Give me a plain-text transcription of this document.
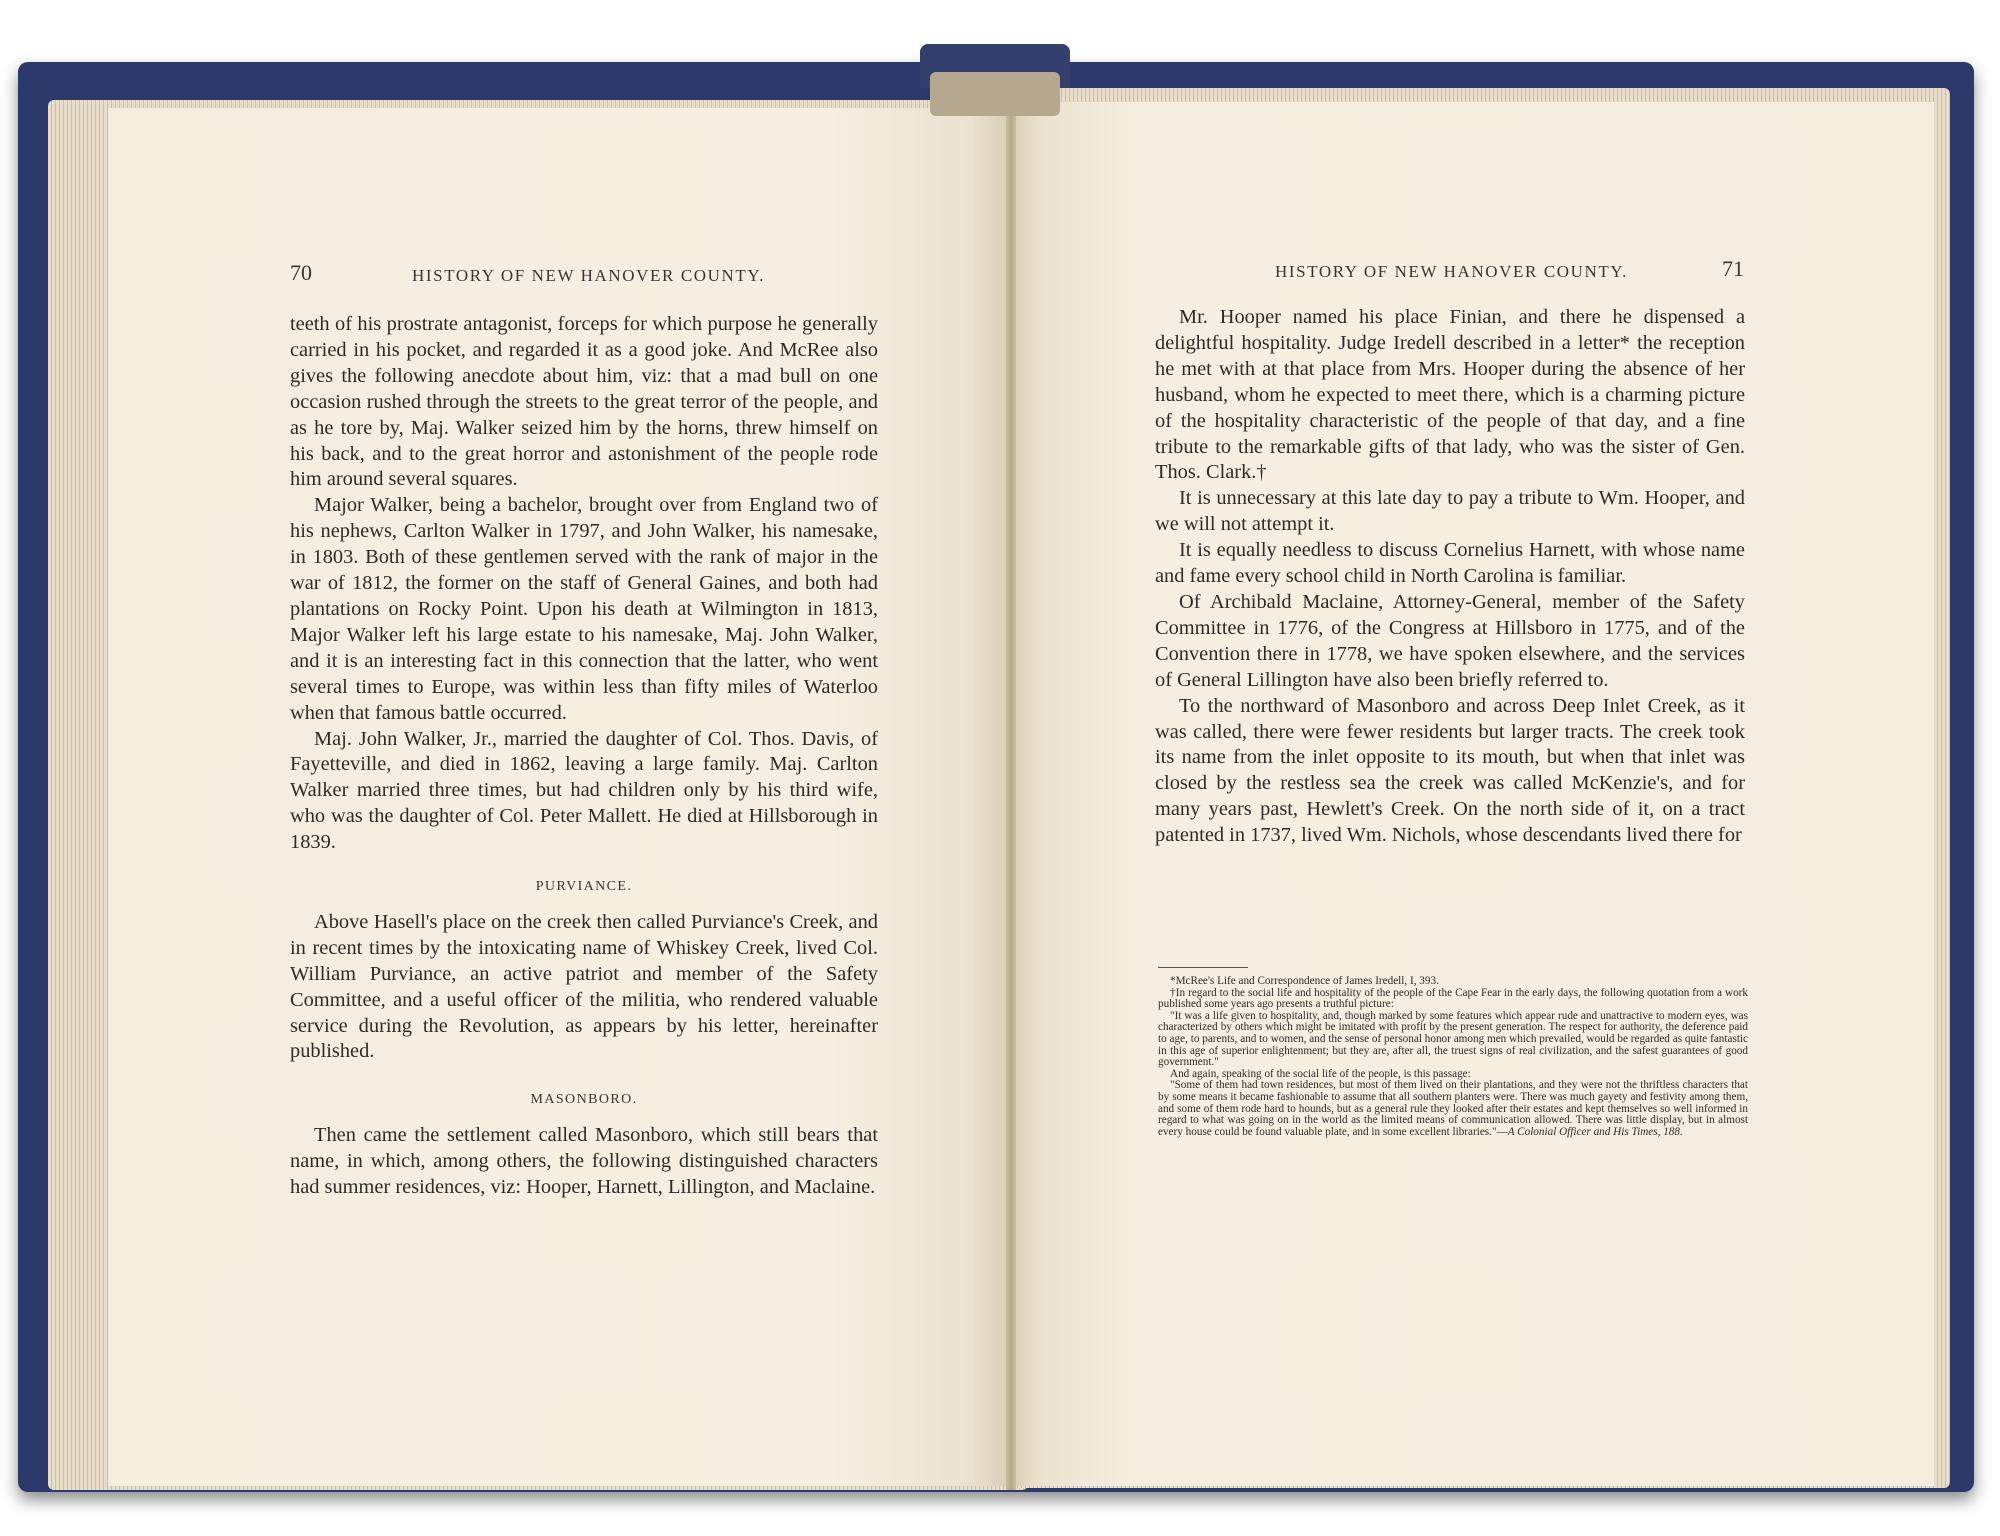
70	HISTORY OF NEW HANOVER COUNTY.

teeth of his prostrate antagonist, forceps for which purpose he generally carried in his pocket, and regarded it as a good joke. And McRee also gives the following anecdote about him, viz: that a mad bull on one occasion rushed through the streets to the great terror of the people, and as he tore by, Maj. Walker seized him by the horns, threw himself on his back, and to the great horror and astonishment of the people rode him around several squares.

Major Walker, being a bachelor, brought over from England two of his nephews, Carlton Walker in 1797, and John Walker, his namesake, in 1803. Both of these gentlemen served with the rank of major in the war of 1812, the former on the staff of General Gaines, and both had plantations on Rocky Point. Upon his death at Wilmington in 1813, Major Walker left his large estate to his namesake, Maj. John Walker, and it is an interesting fact in this connection that the latter, who went several times to Europe, was within less than fifty miles of Waterloo when that famous battle occurred.

Maj. John Walker, Jr., married the daughter of Col. Thos. Davis, of Fayetteville, and died in 1862, leaving a large family. Maj. Carlton Walker married three times, but had children only by his third wife, who was the daughter of Col. Peter Mallett. He died at Hillsborough in 1839.

PURVIANCE.

Above Hasell's place on the creek then called Purviance's Creek, and in recent times by the intoxicating name of Whiskey Creek, lived Col. William Purviance, an active patriot and member of the Safety Committee, and a useful officer of the militia, who rendered valuable service during the Revolution, as appears by his letter, hereinafter published.

MASONBORO.

Then came the settlement called Masonboro, which still bears that name, in which, among others, the following distinguished characters had summer residences, viz: Hooper, Harnett, Lillington, and Maclaine.

HISTORY OF NEW HANOVER COUNTY.	71

Mr. Hooper named his place Finian, and there he dispensed a delightful hospitality. Judge Iredell described in a letter* the reception he met with at that place from Mrs. Hooper during the absence of her husband, whom he expected to meet there, which is a charming picture of the hospitality characteristic of the people of that day, and a fine tribute to the remarkable gifts of that lady, who was the sister of Gen. Thos. Clark.†

It is unnecessary at this late day to pay a tribute to Wm. Hooper, and we will not attempt it.

It is equally needless to discuss Cornelius Harnett, with whose name and fame every school child in North Carolina is familiar.

Of Archibald Maclaine, Attorney-General, member of the Safety Committee in 1776, of the Congress at Hillsboro in 1775, and of the Convention there in 1778, we have spoken elsewhere, and the services of General Lillington have also been briefly referred to.

To the northward of Masonboro and across Deep Inlet Creek, as it was called, there were fewer residents but larger tracts. The creek took its name from the inlet opposite to its mouth, but when that inlet was closed by the restless sea the creek was called McKenzie's, and for many years past, Hewlett's Creek. On the north side of it, on a tract patented in 1737, lived Wm. Nichols, whose descendants lived there for

*McRee's Life and Correspondence of James Iredell, I, 393.

†In regard to the social life and hospitality of the people of the Cape Fear in the early days, the following quotation from a work published some years ago presents a truthful picture:

"It was a life given to hospitality, and, though marked by some features which appear rude and unattractive to modern eyes, was characterized by others which might be imitated with profit by the present generation. The respect for authority, the deference paid to age, to parents, and to women, and the sense of personal honor among men which prevailed, would be regarded as quite fantastic in this age of superior enlightenment; but they are, after all, the truest signs of real civilization, and the safest guarantees of good government."

And again, speaking of the social life of the people, is this passage:

"Some of them had town residences, but most of them lived on their plantations, and they were not the thriftless characters that by some means it became fashionable to assume that all southern planters were. There was much gayety and festivity among them, and some of them rode hard to hounds, but as a general rule they looked after their estates and kept themselves so well informed in regard to what was going on in the world as the limited means of communication allowed. There was little display, but in almost every house could be found valuable plate, and in some excellent libraries."—A Colonial Officer and His Times, 188.
